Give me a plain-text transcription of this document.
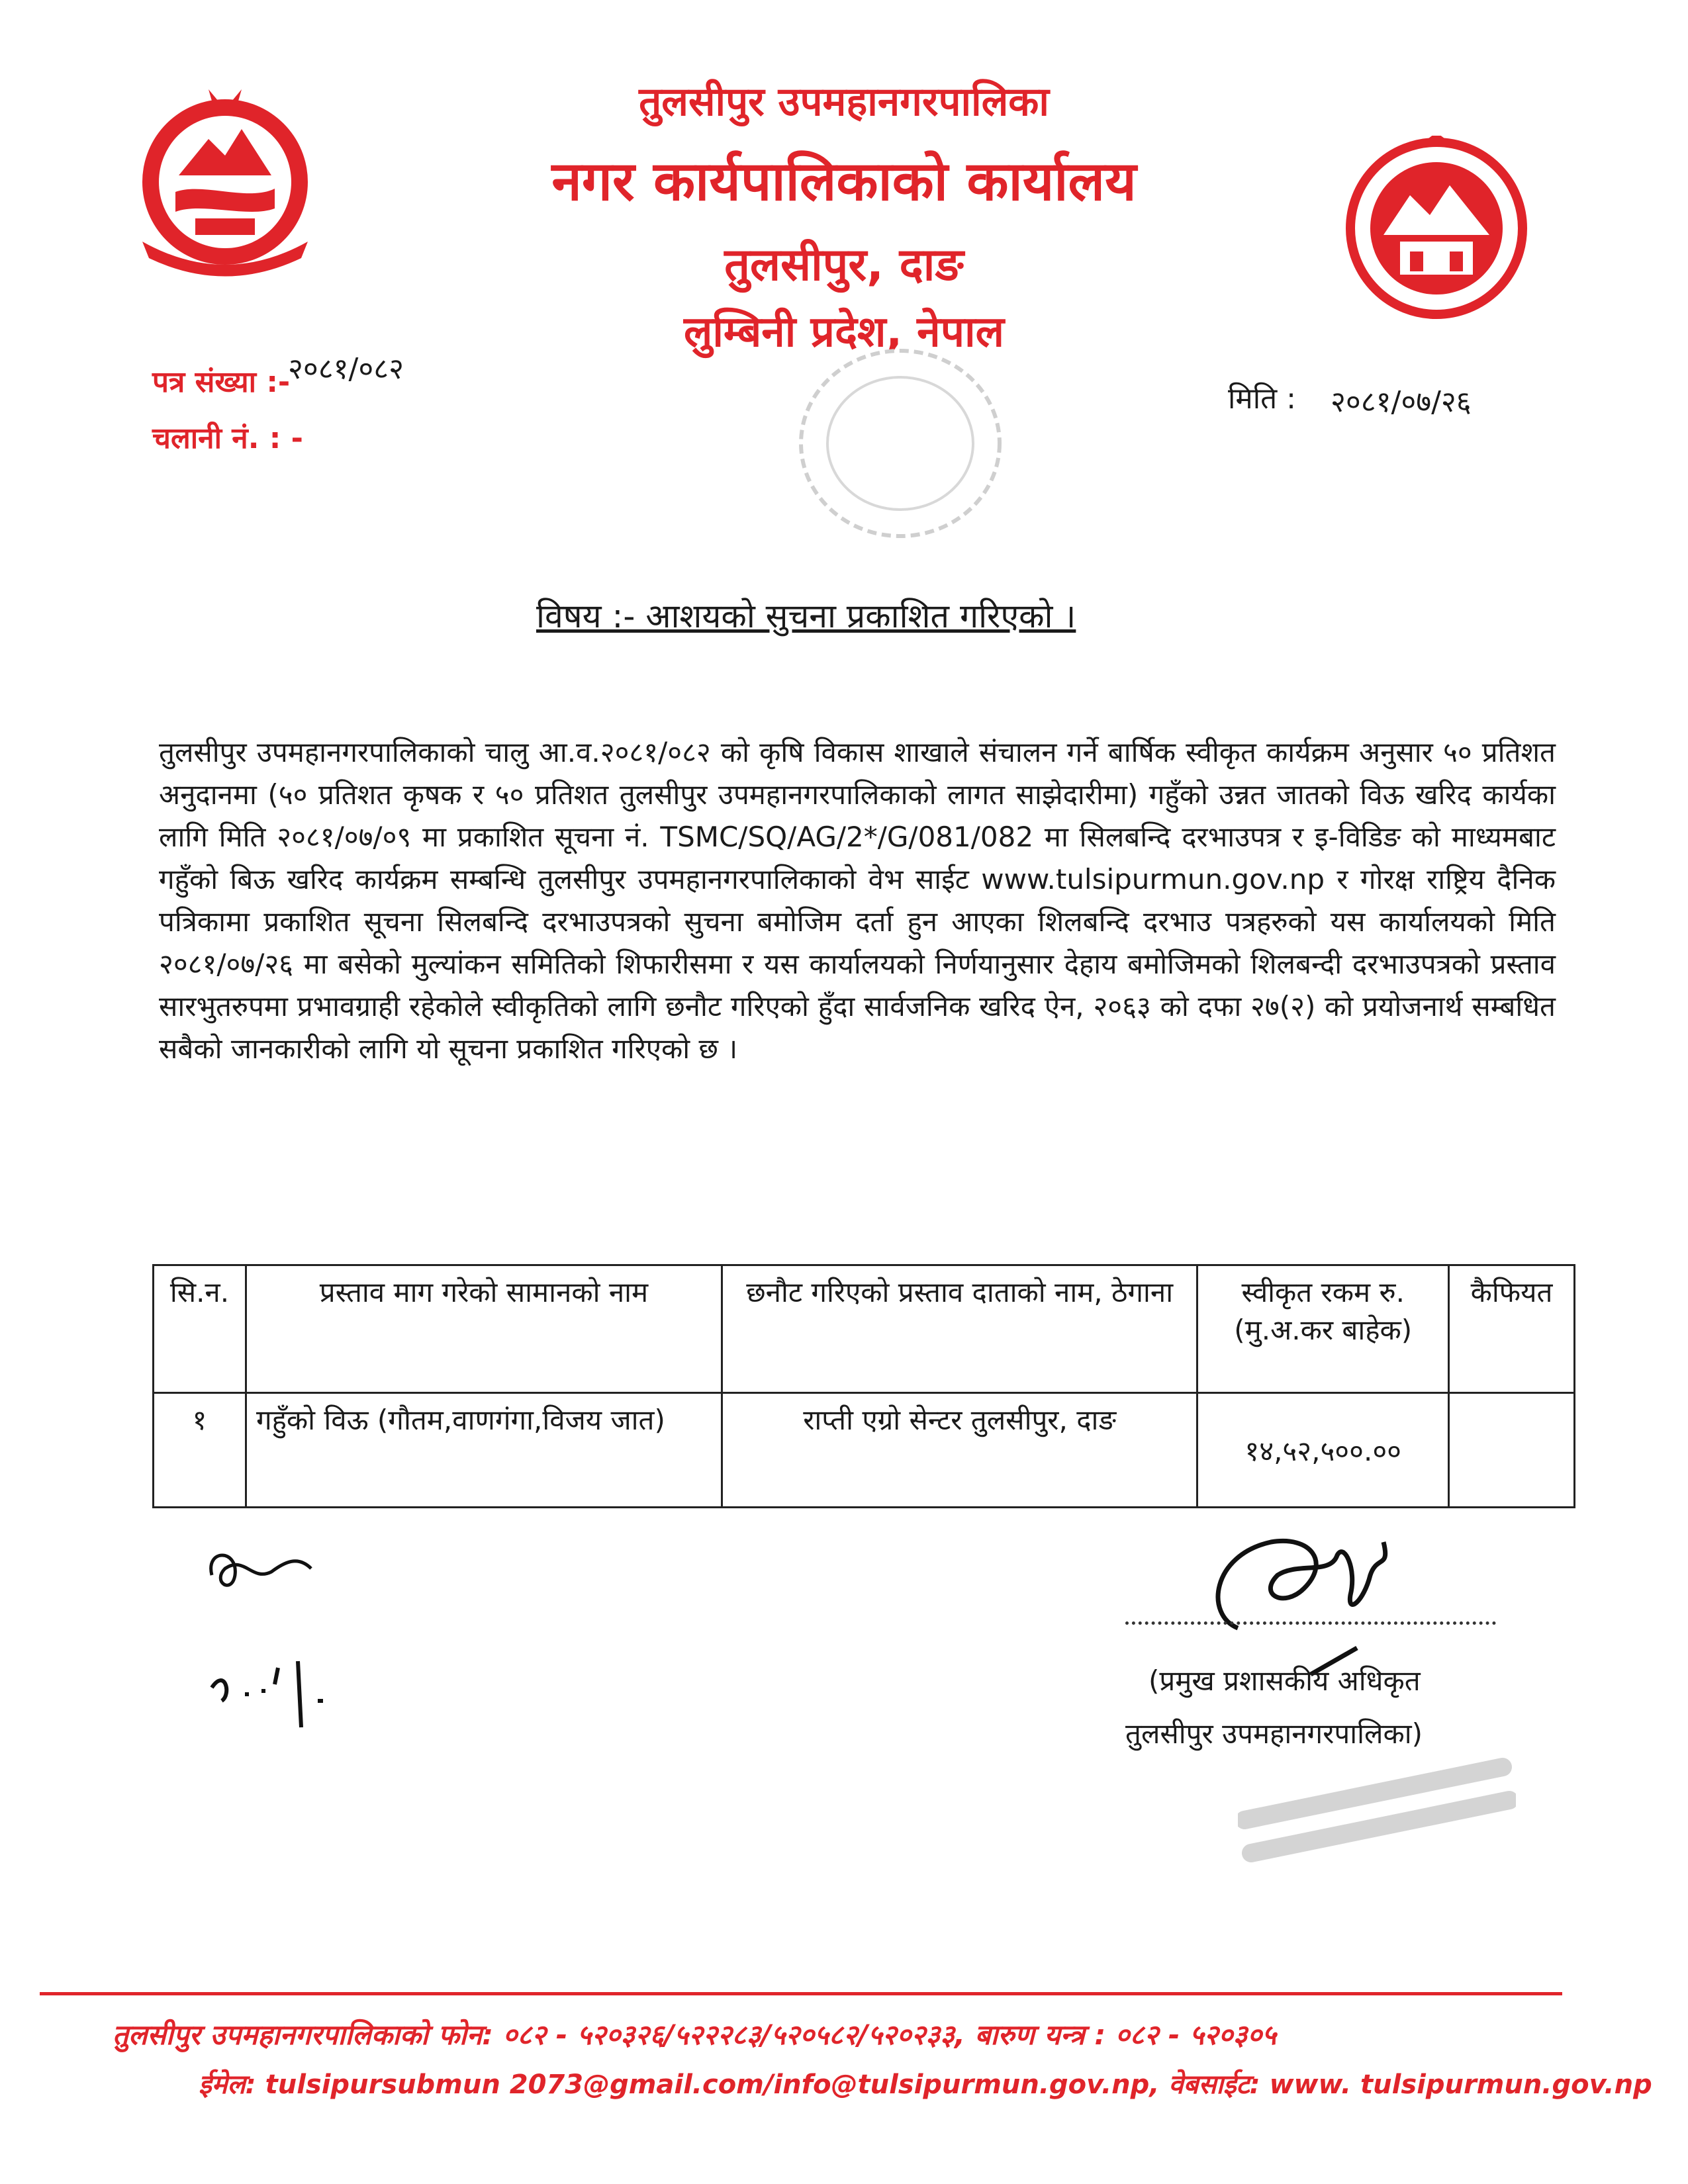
तुलसीपुर उपमहानगरपालिका
नगर कार्यपालिकाको कार्यालय
तुलसीपुर, दाङ
लुम्बिनी प्रदेश, नेपाल
पत्र संख्या :-
२०८१/०८२
चलानी नं. : -
मिति : २०८१/०७/२६
विषय :- आशयको सुचना प्रकाशित गरिएको ।
तुलसीपुर उपमहानगरपालिकाको चालु आ.व.२०८१/०८२ को कृषि विकास शाखाले संचालन गर्ने बार्षिक स्वीकृत कार्यक्रम अनुसार ५० प्रतिशत अनुदानमा (५० प्रतिशत कृषक र ५० प्रतिशत तुलसीपुर उपमहानगरपालिकाको लागत साझेदारीमा) गहुँको उन्नत जातको विऊ खरिद कार्यका लागि मिति २०८१/०७/०९ मा प्रकाशित सूचना नं. TSMC/SQ/AG/2*/G/081/082 मा सिलबन्दि दरभाउपत्र र इ-विडिङ को माध्यमबाट गहुँको बिऊ खरिद कार्यक्रम सम्बन्धि तुलसीपुर उपमहानगरपालिकाको वेभ साईट www.tulsipurmun.gov.np र गोरक्ष राष्ट्रिय दैनिक पत्रिकामा प्रकाशित सूचना सिलबन्दि दरभाउपत्रको सुचना बमोजिम दर्ता हुन आएका शिलबन्दि दरभाउ पत्रहरुको यस कार्यालयको मिति २०८१/०७/२६ मा बसेको मुल्यांकन समितिको शिफारीसमा र यस कार्यालयको निर्णयानुसार देहाय बमोजिमको शिलबन्दी दरभाउपत्रको प्रस्ताव सारभुतरुपमा प्रभावग्राही रहेकोले स्वीकृतिको लागि छनौट गरिएको हुँदा सार्वजनिक खरिद ऐन, २०६३ को दफा २७(२) को प्रयोजनार्थ सम्बधित सबैको जानकारीको लागि यो सूचना प्रकाशित गरिएको छ ।
सि.न.	प्रस्ताव माग गरेको सामानको नाम	छनौट गरिएको प्रस्ताव दाताको नाम, ठेगाना	स्वीकृत रकम रु. (मु.अ.कर बाहेक)	कैफियत
१	गहुँको विऊ (गौतम,वाणगंगा,विजय जात)	राप्ती एग्रो सेन्टर तुलसीपुर, दाङ	१४,५२,५००.००	
(प्रमुख प्रशासकीय अधिकृत
तुलसीपुर उपमहानगरपालिका)
तुलसीपुर उपमहानगरपालिकाको फोन: ०८२ - ५२०३२६/५२२२८३/५२०५८२/५२०२३३, बारुण यन्त्र : ०८२ - ५२०३०५
ईमेल: tulsipursubmun 2073@gmail.com/info@tulsipurmun.gov.np, वेबसाईट: www. tulsipurmun.gov.np
